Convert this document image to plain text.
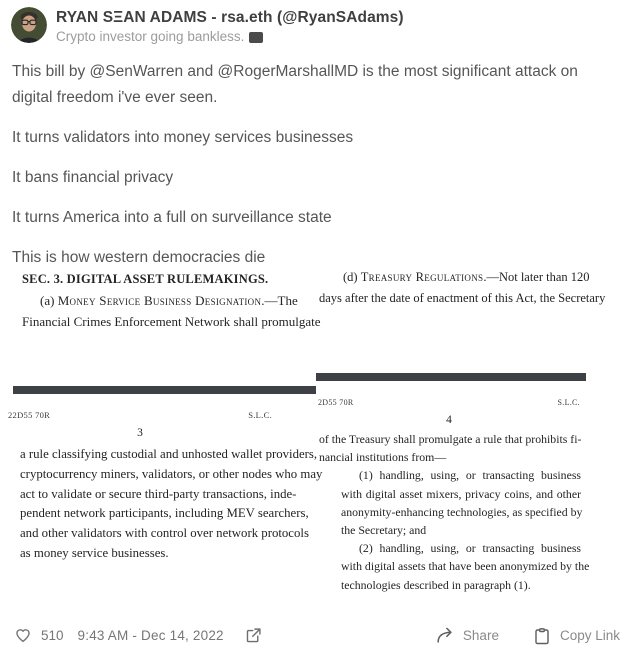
RYAN SΞAN ADAMS - rsa.eth (@RyanSAdams)
Crypto investor going bankless.

This bill by @SenWarren and @RogerMarshallMD is the most significant attack on digital freedom i've ever seen.

It turns validators into money services businesses

It bans financial privacy

It turns America into a full on surveillance state

This is how western democracies die

SEC. 3. DIGITAL ASSET RULEMAKINGS.
(a) Money Service Business Designation.—The
Financial Crimes Enforcement Network shall promulgate
22D55 70R	S.L.C.
3
a rule classifying custodial and unhosted wallet providers,
cryptocurrency miners, validators, or other nodes who may
act to validate or secure third-party transactions, inde-
pendent network participants, including MEV searchers,
and other validators with control over network protocols
as money service businesses.
(d) Treasury Regulations.—Not later than 120
days after the date of enactment of this Act, the Secretary
2D55 70R	S.L.C.
4
of the Treasury shall promulgate a rule that prohibits fi-
nancial institutions from—
(1) handling, using, or transacting business
with digital asset mixers, privacy coins, and other
anonymity-enhancing technologies, as specified by
the Secretary; and
(2) handling, using, or transacting business
with digital assets that have been anonymized by the
technologies described in paragraph (1).
510 9:43 AM - Dec 14, 2022	Share	Copy Link
